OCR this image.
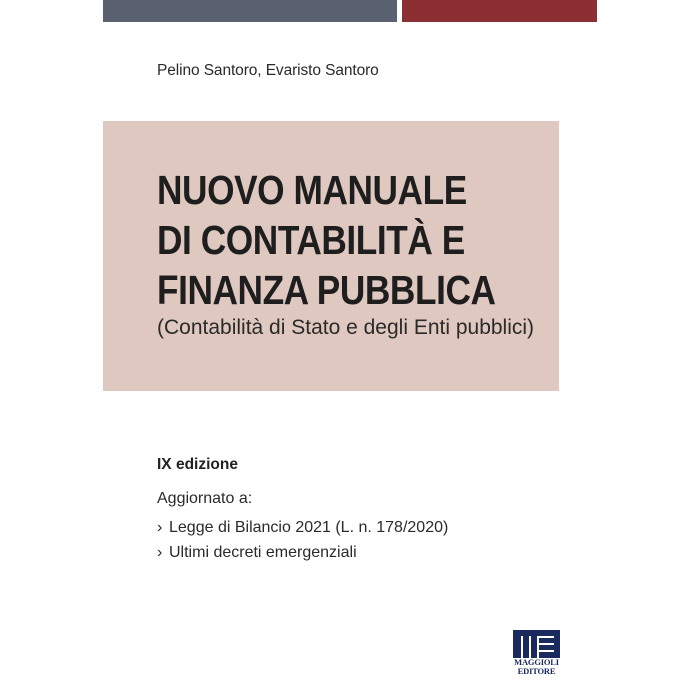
Pelino Santoro, Evaristo Santoro
NUOVO MANUALE
DI CONTABILITÀ E
FINANZA PUBBLICA
(Contabilità di Stato e degli Enti pubblici)
IX edizione
Aggiornato a:
› Legge di Bilancio 2021 (L. n. 178/2020)
› Ultimi decreti emergenziali
MAGGIOLI
EDITORE
